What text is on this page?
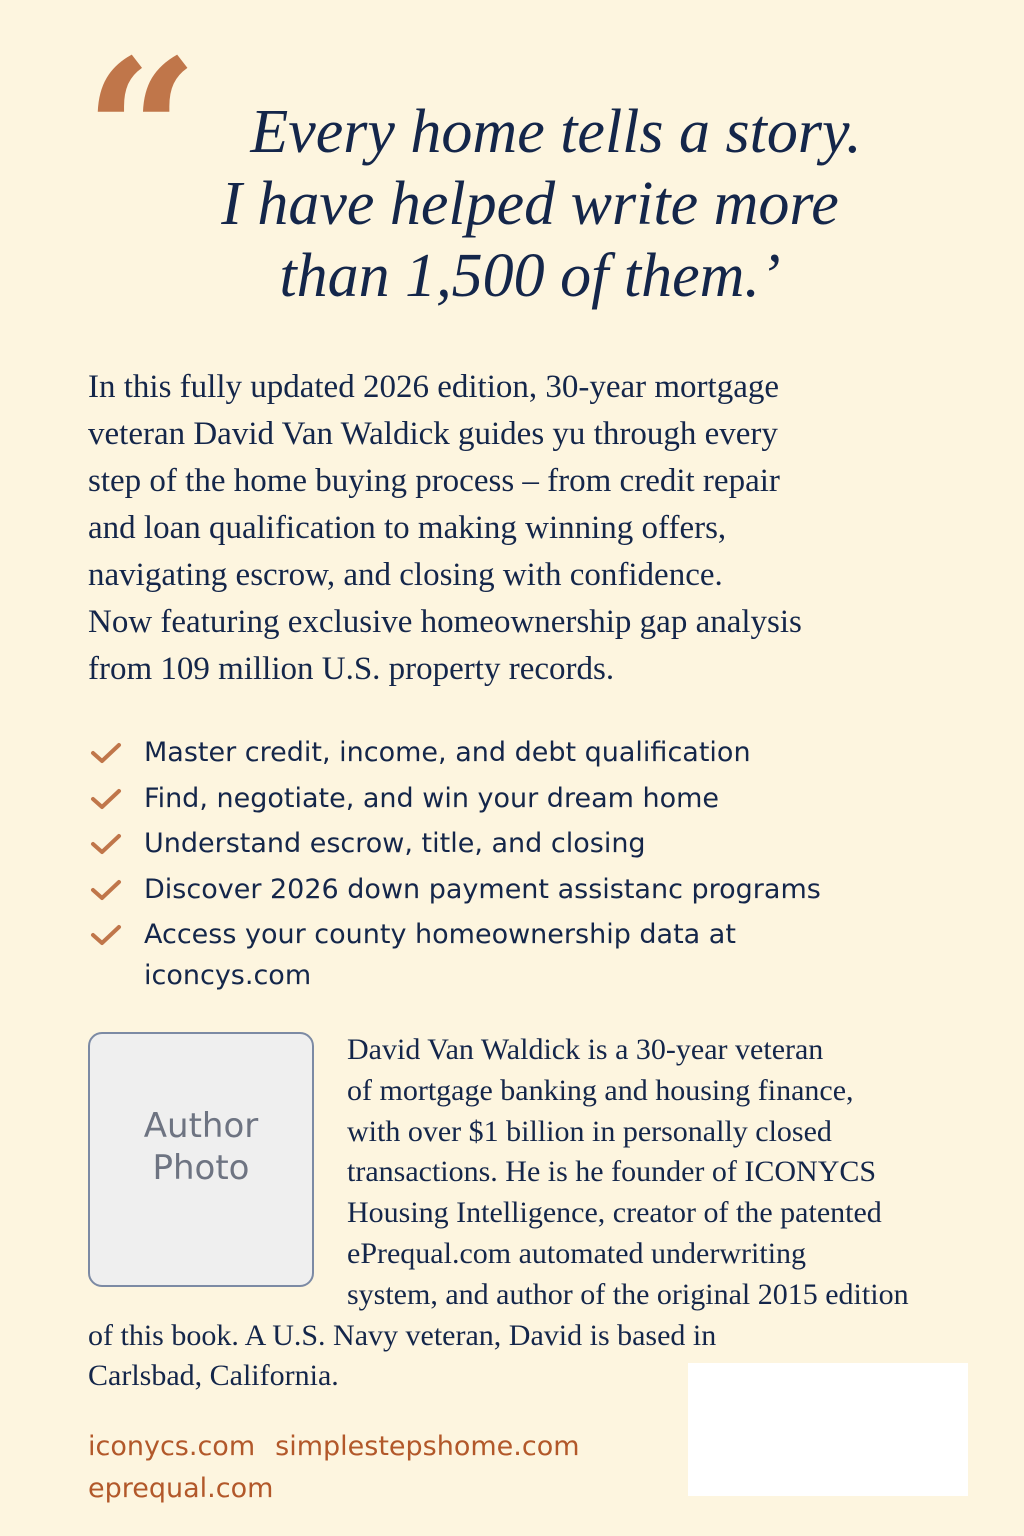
“	Every home tells a story.
I have helped write more
than 1,500 of them.’

In this fully updated 2026 edition, 30-year mortgage
veteran David Van Waldick guides yu through every
step of the home buying process – from credit repair
and loan qualification to making winning offers,
navigating escrow, and closing with confidence.
Now featuring exclusive homeownership gap analysis
from 109 million U.S. property records.

Master credit, income, and debt qualification
Find, negotiate, and win your dream home
Understand escrow, title, and closing
Discover 2026 down payment assistanc programs
Access your county homeownership data at
iconcys.com
Author
Photo
David Van Waldick is a 30-year veteran
of mortgage banking and housing finance,
with over $1 billion in personally closed
transactions. He is he founder of ICONYCS
Housing Intelligence, creator of the patented
ePrequal.com automated underwriting
system, and author of the original 2015 edition
of this book. A U.S. Navy veteran, David is based in
Carlsbad, California.
iconycs.com simplestepshome.com
eprequal.com
